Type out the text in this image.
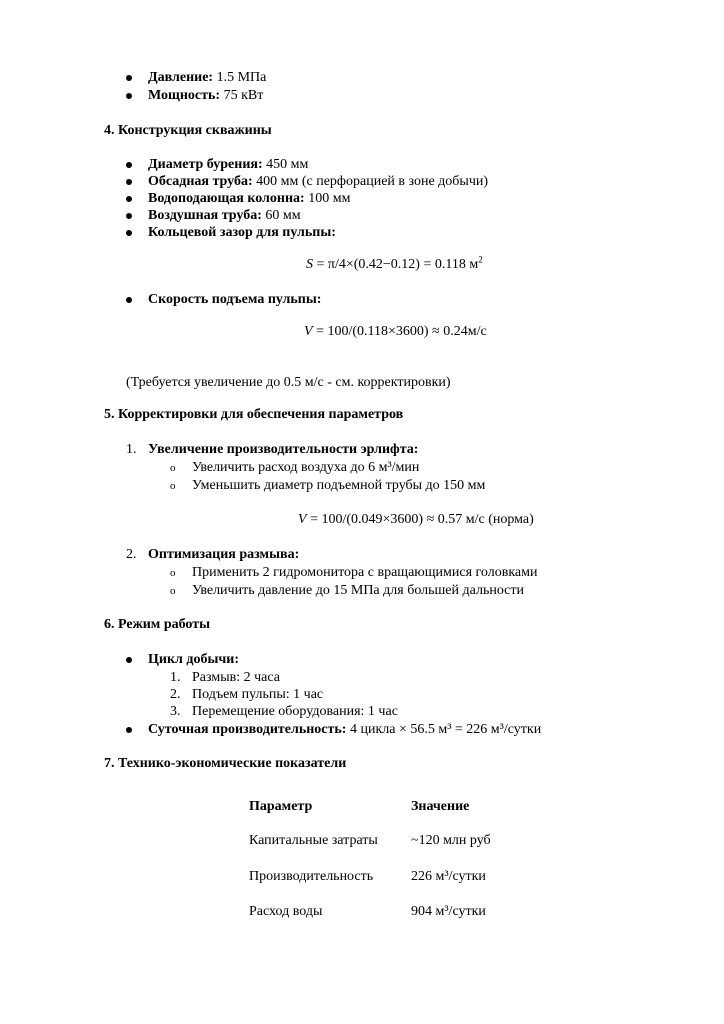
Давление: 1.5 МПа
Мощность: 75 кВт
4. Конструкция скважины
Диаметр бурения: 450 мм
Обсадная труба: 400 мм (с перфорацией в зоне добычи)
Водоподающая колонна: 100 мм
Воздушная труба: 60 мм
Кольцевой зазор для пульпы:
S = π/4×(0.42−0.12) = 0.118 $м^2$
Скорость подъема пульпы:
V = 100/(0.118×3600) ≈ 0.24м/с
(Требуется увеличение до 0.5 м/с - см. корректировки)
5. Корректировки для обеспечения параметров
1. Увеличение производительности эрлифта:
o Увеличить расход воздуха до 6 м³/мин
o Уменьшить диаметр подъемной трубы до 150 мм
V = 100/(0.049×3600) ≈ 0.57 м/с (норма)
2. Оптимизация размыва:
o Применить 2 гидромонитора с вращающимися головками
o Увеличить давление до 15 МПа для большей дальности
6. Режим работы
Цикл добычи:
1. Размыв: 2 часа
2. Подъем пульпы: 1 час
3. Перемещение оборудования: 1 час
Суточная производительность: 4 цикла × 56.5 м³ = 226 м³/сутки
7. Технико-экономические показатели
Параметр	Значение
Капитальные затраты ~120 млн руб
Производительность	226 м³/сутки
Расход воды	904 м³/сутки
